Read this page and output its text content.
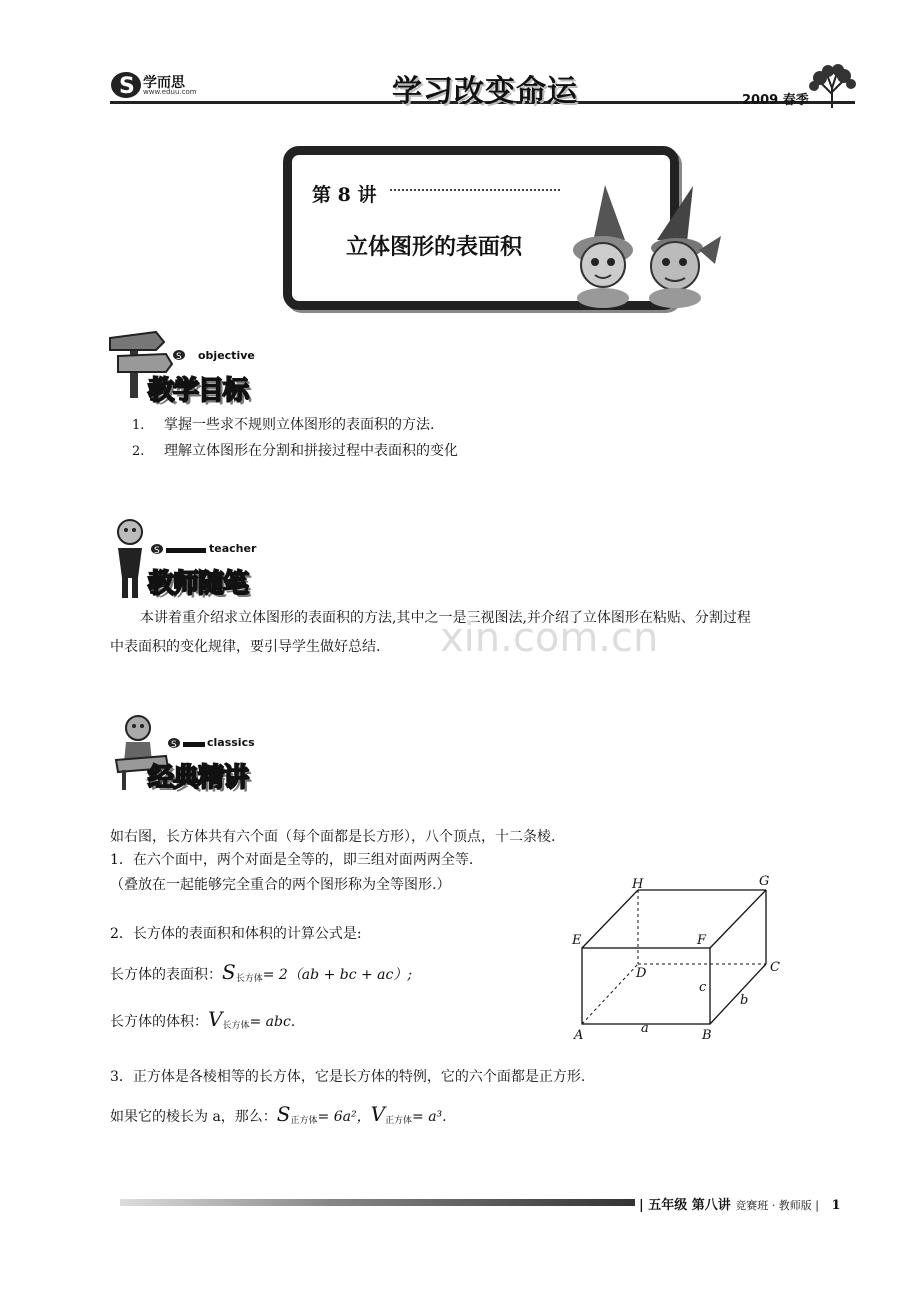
S 学而思
www.eduu.com	学习改变命运	2009 春季
第 8 讲
立体图形的表面积
S objective
教学目标
1. 掌握一些求不规则立体图形的表面积的方法.
2. 理解立体图形在分割和拼接过程中表面积的变化
S	teacher
教师随笔
本讲着重介绍求立体图形的表面积的方法,其中之一是三视图法,并介绍了立体图形在粘贴、分割过程
中表面积的变化规律，要引导学生做好总结. xin.com.cn
S	classics
经典精讲
如右图，长方体共有六个面（每个面都是长方形），八个顶点，十二条棱.
1．在六个面中，两个对面是全等的，即三组对面两两全等.
（叠放在一起能够完全重合的两个图形称为全等图形.）
2．长方体的表面积和体积的计算公式是:
长方体的表面积：$S_{长方体}= 2(ab$ + bc + ac）;
长方体的体积：$V_{长方体}=$ abc.
3．正方体是各棱相等的长方体，它是长方体的特例，它的六个面都是正方形.
如果它的棱长为 a，那么：$S_{正方体}= 6a^2$，$V_{正方体}= a^3$.
H	G
E	F
D	C
A	B
a
b
c
| 五年级 第八讲 竞赛班 · 教师版 | 1
